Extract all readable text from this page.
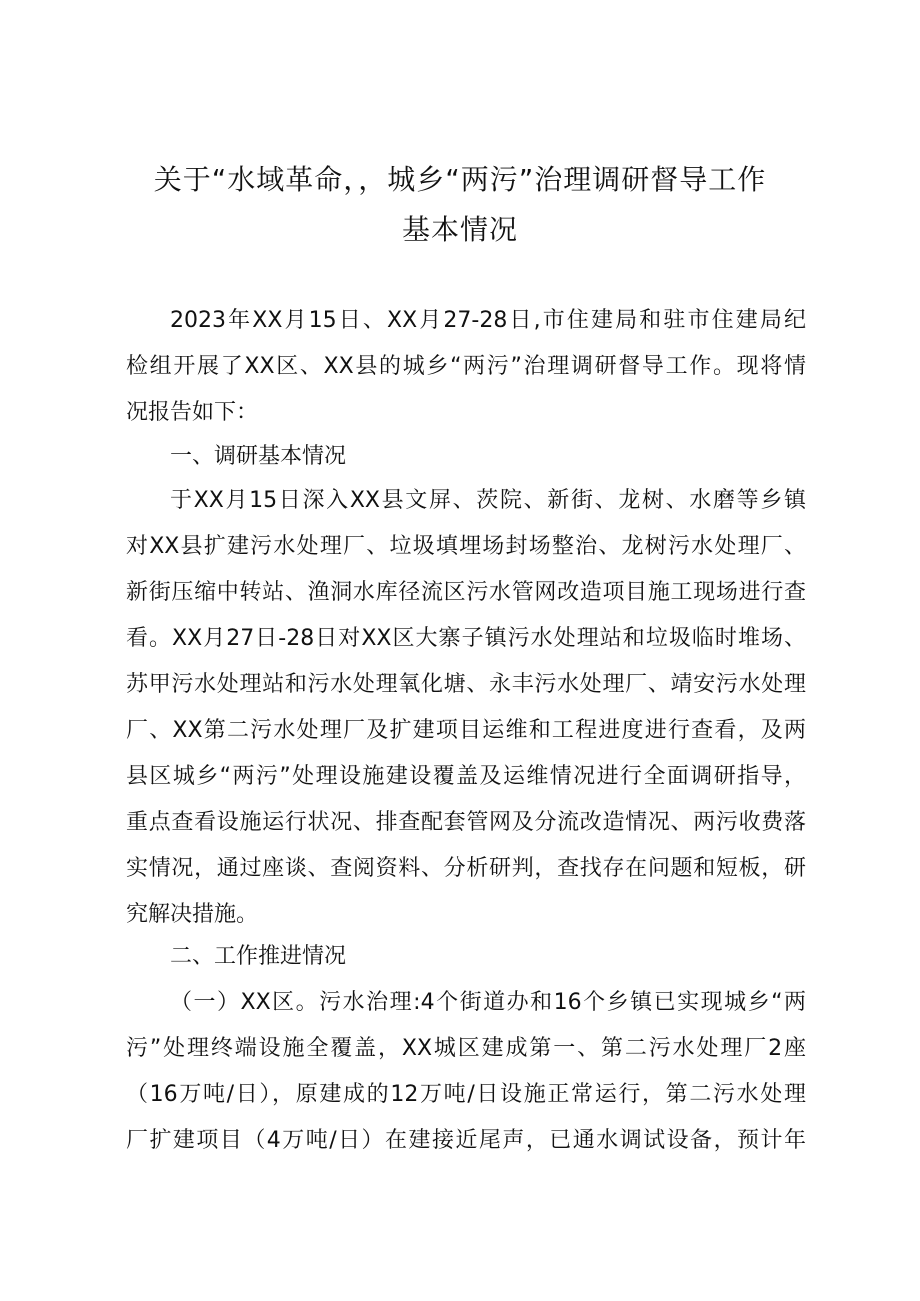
关于“水域革命，，城乡“两污”治理调研督导工作
基本情况
2023年XX月15日、XX月27-28日,市住建局和驻市住建局纪
检组开展了XX区、XX县的城乡“两污”治理调研督导工作。现将情
况报告如下：
一、调研基本情况
于XX月15日深入XX县文屏、茨院、新街、龙树、水磨等乡镇
对XX县扩建污水处理厂、垃圾填埋场封场整治、龙树污水处理厂、
新街压缩中转站、渔洞水库径流区污水管网改造项目施工现场进行查
看。XX月27日-28日对XX区大寨子镇污水处理站和垃圾临时堆场、
苏甲污水处理站和污水处理氧化塘、永丰污水处理厂、靖安污水处理
厂、XX第二污水处理厂及扩建项目运维和工程进度进行查看，及两
县区城乡“两污”处理设施建设覆盖及运维情况进行全面调研指导，
重点查看设施运行状况、排查配套管网及分流改造情况、两污收费落
实情况，通过座谈、查阅资料、分析研判，查找存在问题和短板，研
究解决措施。
二、工作推进情况
（一）XX区。污水治理:4个街道办和16个乡镇已实现城乡“两
污”处理终端设施全覆盖，XX城区建成第一、第二污水处理厂2座
（16万吨/日），原建成的12万吨/日设施正常运行，第二污水处理
厂扩建项目（4万吨/日）在建接近尾声，已通水调试设备，预计年
